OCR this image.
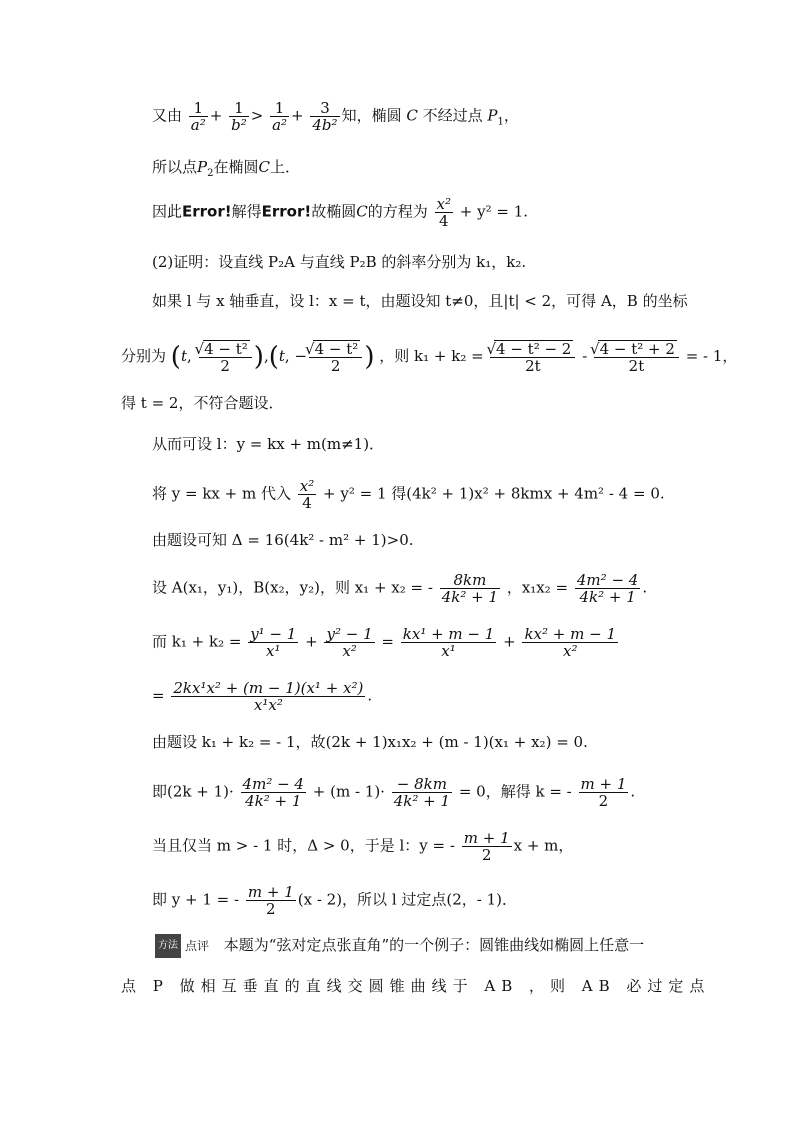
又由 $\frac{1}{\text{a²}} + \frac{1}{\text{b²}} > \frac{1}{\text{a²}} + \frac{3}{\text{4b²}}$ 知，椭圆 C 不经过点 $P_1$，
所以点$P_2$在椭圆C上．
因此Error!解得Error!故椭圆C的方程为 $\frac{\text{x²}}{4} + y^2 = 1$.
(2)证明：设直线 P₂A 与直线 P₂B 的斜率分别为 k₁，k₂.
如果 l 与 x 轴垂直，设 l：x = t，由题设知 t≠0，且|t| < 2，可得 A，B 的坐标
分别为 (t, √ $\frac{\text{4 − t²}}{2} ),(t$, − √ $\frac{\text{4 − t²}}{2}$ ) ，则 k₁ + k₂ = √ $\frac{\text{4 − t² − 2}}{2t}$ - √ $\frac{\text{4 − t² + 2}}{2t}$ = - 1，
得 t = 2，不符合题设．
从而可设 l：y = kx + m(m≠1)．
将 y = kx + m 代入 $\frac{\text{x²}}{4} + y^2 = 1$ 得(4k² + 1)x² + 8kmx + 4m² - 4 = 0.
由题设可知 Δ = 16(4k² - m² + 1)>0.
设 A(x₁，y₁)，B(x₂，y₂)，则 x₁ + x₂ = - $\frac{8km}{\text{4k² + 1}}$ ，$x_1x_2 = \frac{\text{4m² − 4}}{\text{4k² + 1}}$ .
而 $k_1 + k_2 = \frac{\text{y¹ − 1}}{\text{x¹}} + \frac{\text{y² − 1}}{\text{x²}} = \frac{\text{kx¹ + m − 1}}{\text{x¹}} + \frac{\text{kx² + m − 1}}{\text{x²}}$
= $\frac{\text{2kx¹x² + (m − 1)(x¹ + x²)}}{\text{x¹x²}}$ .
由题设 k₁ + k₂ = - 1，故(2k + 1)x₁x₂ + (m - 1)(x₁ + x₂) = 0.
即$(2k + 1)\cdot \frac{\text{4m² − 4}}{\text{4k² + 1}} + (m - 1)\cdot \frac{- 8km}{\text{4k² + 1}} = 0$，解得 k = - $\frac{m + 1}{2}$ .
当且仅当 m > - 1 时，Δ > 0，于是 l：y = - $\frac{m + 1}{2}$ x + m，
即 y + 1 = - $\frac{m + 1}{2} (x - 2)$，所以 l 过定点(2，- 1)．
方法 点评 本题为“弦对定点张直角”的一个例子：圆锥曲线如椭圆上任意一
点 P 做相互垂直的直线交圆锥曲线于 AB ，则 AB 必过定点
